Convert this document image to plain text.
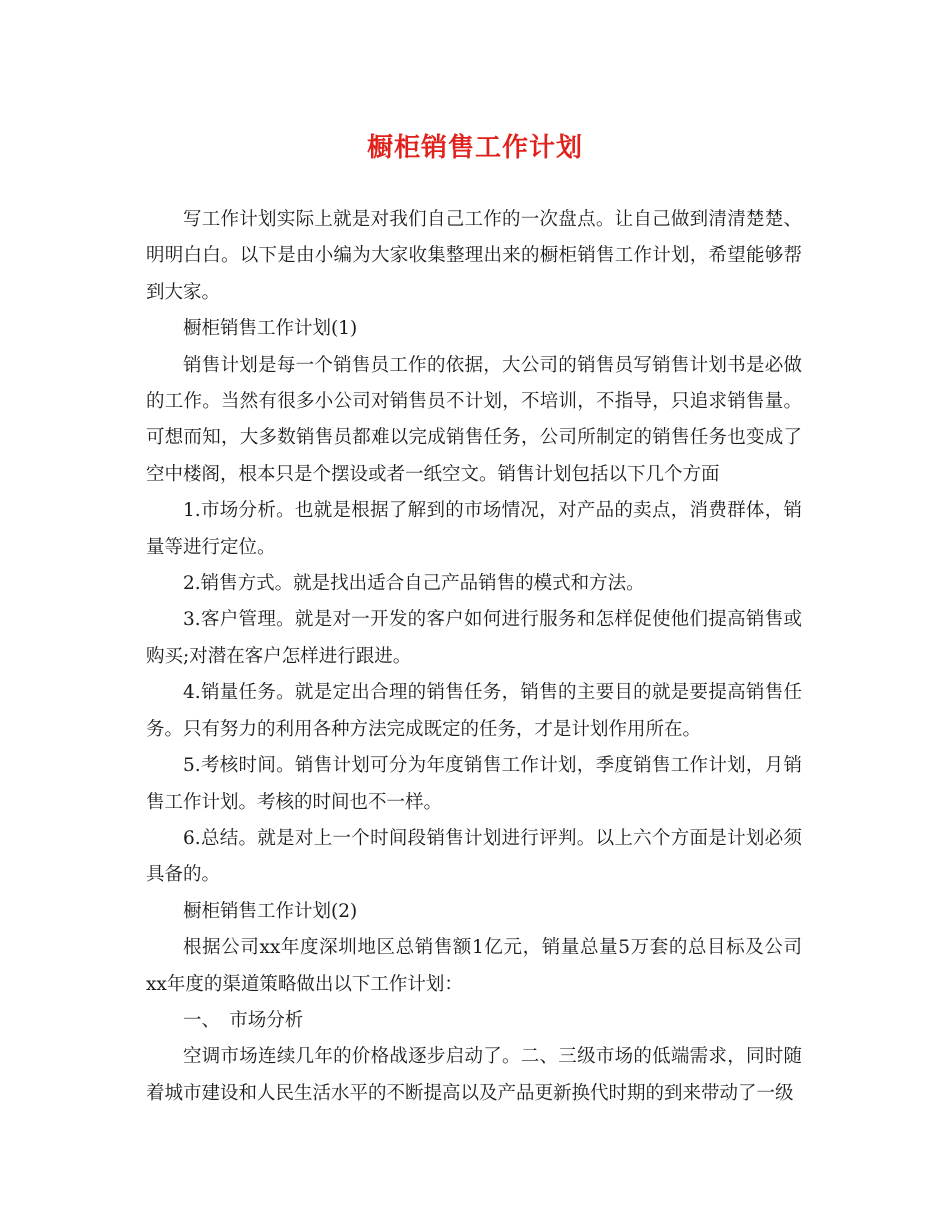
橱柜销售工作计划

写工作计划实际上就是对我们自己工作的一次盘点。让自己做到清清楚楚、明明白白。以下是由小编为大家收集整理出来的橱柜销售工作计划，希望能够帮到大家。

橱柜销售工作计划(1)

销售计划是每一个销售员工作的依据，大公司的销售员写销售计划书是必做的工作。当然有很多小公司对销售员不计划，不培训，不指导，只追求销售量。可想而知，大多数销售员都难以完成销售任务，公司所制定的销售任务也变成了空中楼阁，根本只是个摆设或者一纸空文。销售计划包括以下几个方面

1.市场分析。也就是根据了解到的市场情况，对产品的卖点，消费群体，销量等进行定位。

2.销售方式。就是找出适合自己产品销售的模式和方法。

3.客户管理。就是对一开发的客户如何进行服务和怎样促使他们提高销售或购买;对潜在客户怎样进行跟进。

4.销量任务。就是定出合理的销售任务，销售的主要目的就是要提高销售任务。只有努力的利用各种方法完成既定的任务，才是计划作用所在。

5.考核时间。销售计划可分为年度销售工作计划，季度销售工作计划，月销售工作计划。考核的时间也不一样。

6.总结。就是对上一个时间段销售计划进行评判。以上六个方面是计划必须具备的。

橱柜销售工作计划(2)

根据公司xx年度深圳地区总销售额1亿元，销量总量5万套的总目标及公司xx年度的渠道策略做出以下工作计划：

一、　市场分析

空调市场连续几年的价格战逐步启动了。二、三级市场的低端需求，同时随着城市建设和人民生活水平的不断提高以及产品更新换代时期的到来带动了一级
